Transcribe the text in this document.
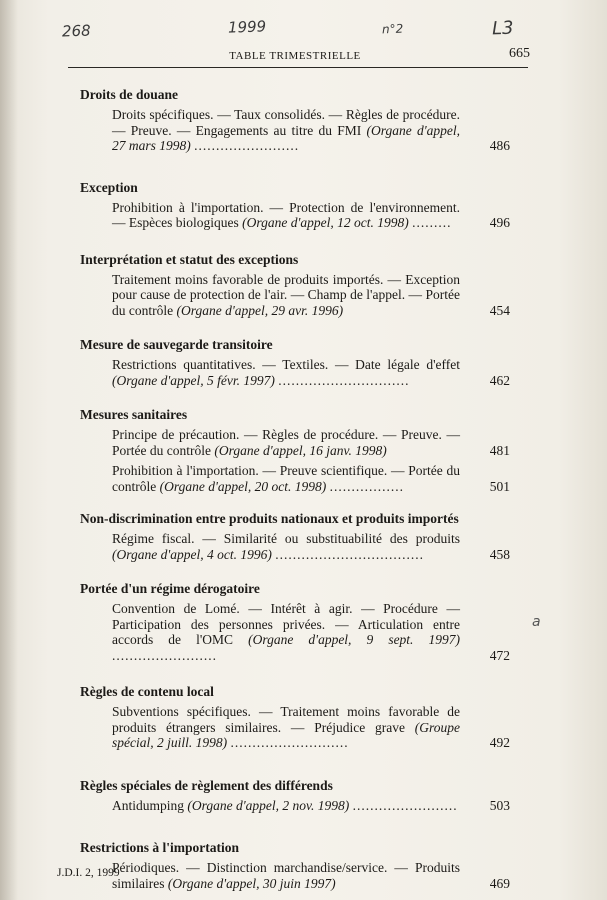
268	1999	n°2	L3
TABLE TRIMESTRIELLE	665
Droits de douane
Droits spécifiques. — Taux consolidés. — Règles de procédure. — Preuve. — Engagements au titre du FMI (Organe d'appel, 27 mars 1998) ........................	486
Exception
Prohibition à l'importation. — Protection de l'environnement. — Espèces biologiques (Organe d'appel, 12 oct. 1998) .........	496
Interprétation et statut des exceptions
Traitement moins favorable de produits importés. — Exception pour cause de protection de l'air. — Champ de l'appel. — Portée du contrôle (Organe d'appel, 29 avr. 1996)	454
Mesure de sauvegarde transitoire
Restrictions quantitatives. — Textiles. — Date légale d'effet (Organe d'appel, 5 févr. 1997) ..............................	462
Mesures sanitaires
Principe de précaution. — Règles de procédure. — Preuve. — Portée du contrôle (Organe d'appel, 16 janv. 1998)	481
Prohibition à l'importation. — Preuve scientifique. — Portée du contrôle (Organe d'appel, 20 oct. 1998) .................	501
Non-discrimination entre produits nationaux et produits importés
Régime fiscal. — Similarité ou substituabilité des produits (Organe d'appel, 4 oct. 1996) ..................................	458
Portée d'un régime dérogatoire
Convention de Lomé. — Intérêt à agir. — Procédure — Participation des personnes privées. — Articulation entre accords de l'OMC (Organe d'appel, 9 sept. 1997) ........................	472
Règles de contenu local
Subventions spécifiques. — Traitement moins favorable de produits étrangers similaires. — Préjudice grave (Groupe spécial, 2 juill. 1998) ...........................	492
Règles spéciales de règlement des différends
Antidumping (Organe d'appel, 2 nov. 1998) ........................ 503
Restrictions à l'importation
Périodiques. — Distinction marchandise/service. — Produits similaires (Organe d'appel, 30 juin 1997)	469
a
J.D.I. 2, 1999
